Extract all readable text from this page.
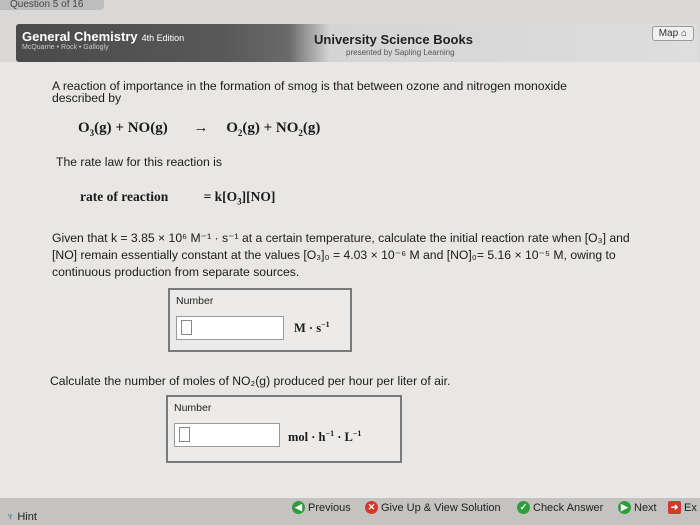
Question 5 of 16
General Chemistry 4th Edition
McQuarrie • Rock • Gallogly
University Science Books
presented by Sapling Learning
Map ⌂
A reaction of importance in the formation of smog is that between ozone and nitrogen monoxide
described by
$O_3(g) + NO(g) \to O_2(g) + NO_2(g)$
The rate law for this reaction is
rate of reaction	= $k[O_3][NO]$
Given that k = 3.85 × 10⁶ M⁻¹ · s⁻¹ at a certain temperature, calculate the initial reaction rate when [O₃] and
[NO] remain essentially constant at the values [O₃]₀ = 4.03 × 10⁻⁶ M and [NO]₀= 5.16 × 10⁻⁵ M, owing to
continuous production from separate sources.
Number
$M \cdot s^{-1}$
Calculate the number of moles of NO₂(g) produced per hour per liter of air.
Number
mol · $h^{-1} \cdot L^{-1}$
♆ Hint
◀ Previous	✕ Give Up & View Solution	✓ Check Answer	▶ Next	➜ Ex
